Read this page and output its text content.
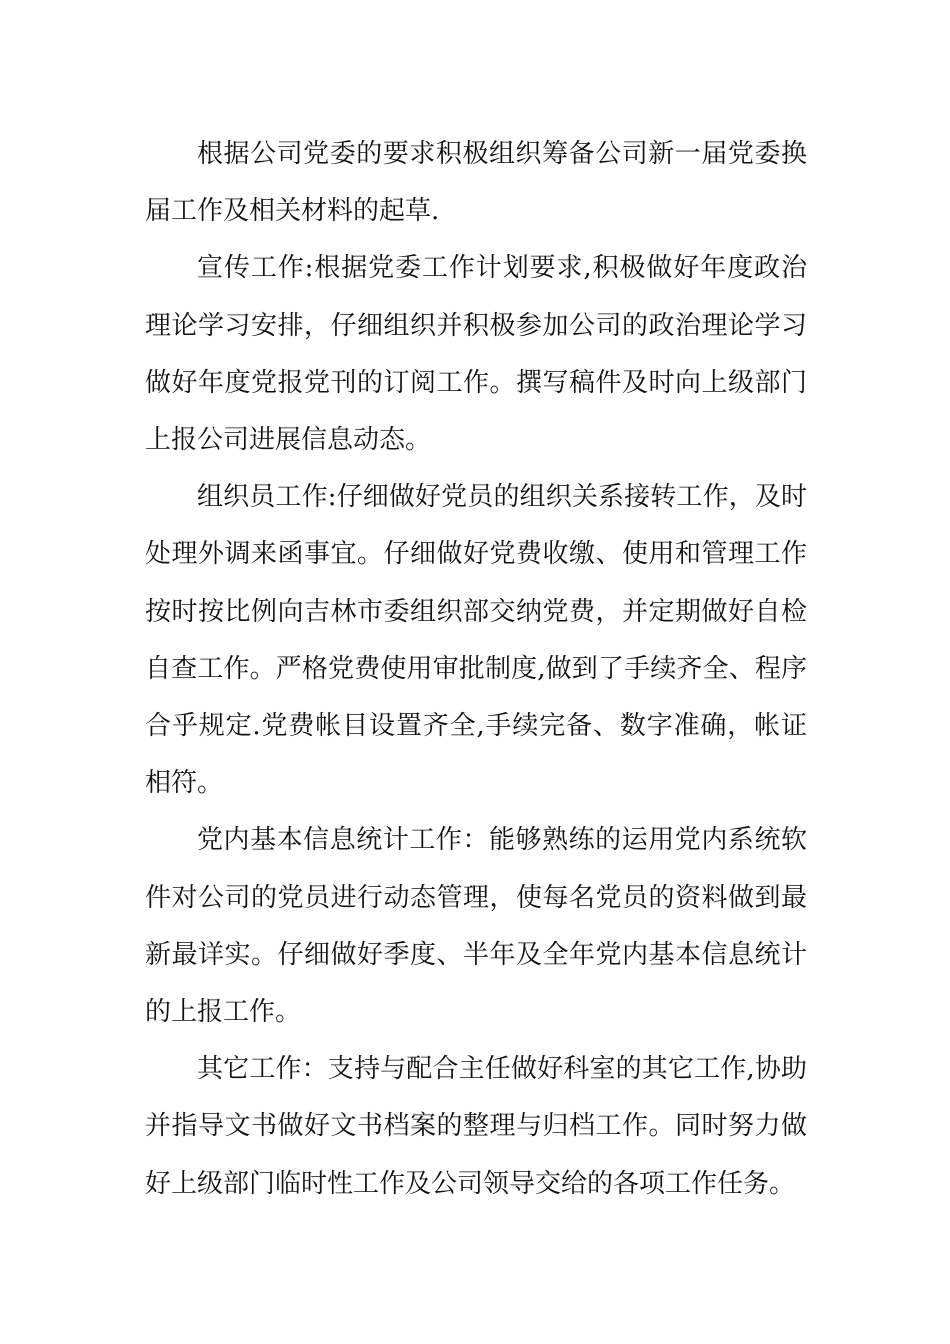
根据公司党委的要求积极组织筹备公司新一届党委换届工作及相关材料的起草.

宣传工作:根据党委工作计划要求,积极做好年度政治理论学习安排，仔细组织并积极参加公司的政治理论学习做好年度党报党刊的订阅工作。撰写稿件及时向上级部门上报公司进展信息动态。

组织员工作:仔细做好党员的组织关系接转工作，及时处理外调来函事宜。仔细做好党费收缴、使用和管理工作按时按比例向吉林市委组织部交纳党费，并定期做好自检自查工作。严格党费使用审批制度,做到了手续齐全、程序合乎规定.党费帐目设置齐全,手续完备、数字准确，帐证相符。

党内基本信息统计工作：能够熟练的运用党内系统软件对公司的党员进行动态管理，使每名党员的资料做到最新最详实。仔细做好季度、半年及全年党内基本信息统计的上报工作。

其它工作：支持与配合主任做好科室的其它工作,协助并指导文书做好文书档案的整理与归档工作。同时努力做好上级部门临时性工作及公司领导交给的各项工作任务。
